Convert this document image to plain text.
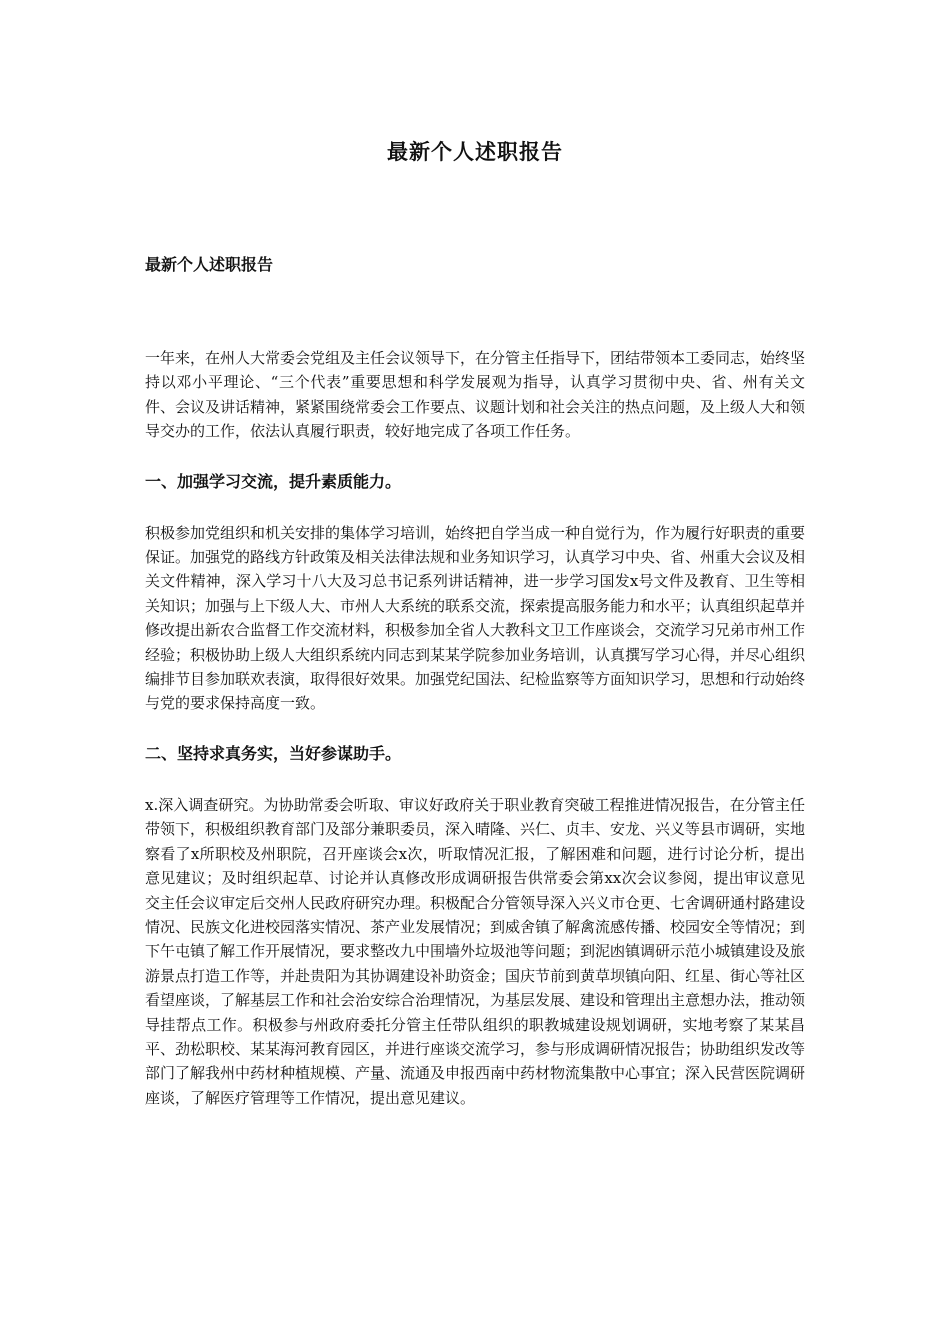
最新个人述职报告
最新个人述职报告

一年来，在州人大常委会党组及主任会议领导下，在分管主任指导下，团结带领本工委同志，始终坚持以邓小平理论、“三个代表”重要思想和科学发展观为指导，认真学习贯彻中央、省、州有关文件、会议及讲话精神，紧紧围绕常委会工作要点、议题计划和社会关注的热点问题，及上级人大和领导交办的工作，依法认真履行职责，较好地完成了各项工作任务。

一、加强学习交流，提升素质能力。

积极参加党组织和机关安排的集体学习培训，始终把自学当成一种自觉行为，作为履行好职责的重要保证。加强党的路线方针政策及相关法律法规和业务知识学习，认真学习中央、省、州重大会议及相关文件精神，深入学习十八大及习总书记系列讲话精神，进一步学习国发x号文件及教育、卫生等相关知识；加强与上下级人大、市州人大系统的联系交流，探索提高服务能力和水平；认真组织起草并修改提出新农合监督工作交流材料，积极参加全省人大教科文卫工作座谈会，交流学习兄弟市州工作经验；积极协助上级人大组织系统内同志到某某学院参加业务培训，认真撰写学习心得，并尽心组织编排节目参加联欢表演，取得很好效果。加强党纪国法、纪检监察等方面知识学习，思想和行动始终与党的要求保持高度一致。

二、坚持求真务实，当好参谋助手。

x.深入调查研究。为协助常委会听取、审议好政府关于职业教育突破工程推进情况报告，在分管主任带领下，积极组织教育部门及部分兼职委员，深入晴隆、兴仁、贞丰、安龙、兴义等县市调研，实地察看了x所职校及州职院，召开座谈会x次，听取情况汇报，了解困难和问题，进行讨论分析，提出意见建议；及时组织起草、讨论并认真修改形成调研报告供常委会第xx次会议参阅，提出审议意见交主任会议审定后交州人民政府研究办理。积极配合分管领导深入兴义市仓更、七舍调研通村路建设情况、民族文化进校园落实情况、茶产业发展情况；到威舍镇了解禽流感传播、校园安全等情况；到下午屯镇了解工作开展情况，要求整改九中围墙外垃圾池等问题；到泥凼镇调研示范小城镇建设及旅游景点打造工作等，并赴贵阳为其协调建设补助资金；国庆节前到黄草坝镇向阳、红星、街心等社区看望座谈，了解基层工作和社会治安综合治理情况，为基层发展、建设和管理出主意想办法，推动领导挂帮点工作。积极参与州政府委托分管主任带队组织的职教城建设规划调研，实地考察了某某昌平、劲松职校、某某海河教育园区，并进行座谈交流学习，参与形成调研情况报告；协助组织发改等部门了解我州中药材种植规模、产量、流通及申报西南中药材物流集散中心事宜；深入民营医院调研座谈，了解医疗管理等工作情况，提出意见建议。
